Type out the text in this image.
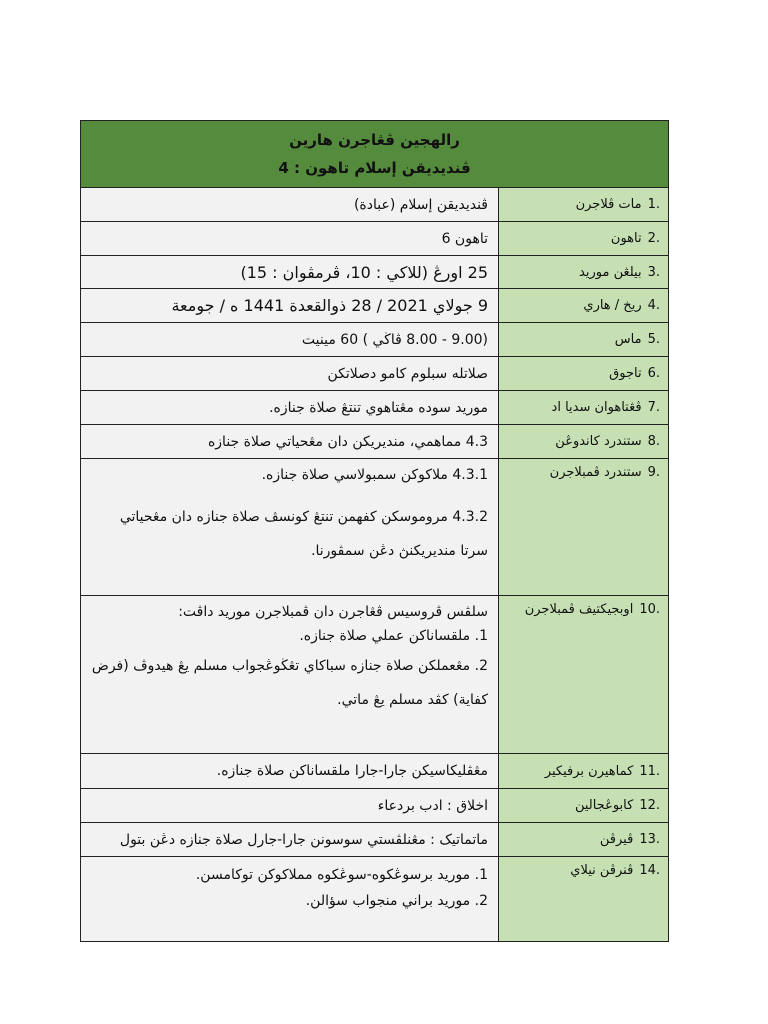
رالهجين ڤڠاجرن هارين
ڤنديديقن إسلام تاهون : 4
1.
مات ڤلاجرن
ڤنديديقن إسلام (عبادة)
2.
تاهون
تاهون 6
3.
بيلڠن موريد
25 اورڠ (للاکي : 10، ڤرمڤوان : 15)
4.
ريخ / هاري
9 جولاي 2021 / 28 ذوالقعدة 1441 ه / جومعة
5.
ماس
(9.00 - 8.00 ڤاڬي ) 60 مينيت
6.
تاجوق
صلاتله سبلوم کامو دصلاتکن
7.
ڤڠتاهوان سديا اد
موريد سوده مڠتاهوي تنتڠ صلاة جنازه.
8.
ستندرد کاندوڠن
4.3 مماهمي، منديريکن دان مڠحياتي صلاة جنازه
9.
ستندرد ڤمبلاجرن

4.3.1 ملاکوکن سمبولاسي صلاة جنازه.

4.3.2 مروموسکن کفهمن تنتڠ کونسڤ صلاة جنازه دان مڠحياتي سرتا منديريکنڽ دڠن سمڤورنا.

10.
اوبجيکتيف ڤمبلاجرن

سلڤس ڤروسيس ڤڠاجرن دان ڤمبلاجرن موريد داڤت:

1. ملقساناکن عملي صلاة جنازه.

2. مڠعملکن صلاة جنازه سباکاي تڠڬوڠجواب مسلم يڠ هيدوڤ (فرض کفاية) کڤد مسلم يڠ ماتي.

11.
کماهيرن برفيکير
مڠڤليکاسيکن جارا-جارا ملقساناکن صلاة جنازه.
12.
کابوڠجالين
اخلاق : ادب بردعاء
13.
ڤيرڤن
ماتماتيک : مڠنلڤستي سوسونن جارا-جارل صلاة جنازه دڠن بتول
14.
ڤنرڤن نيلاي

1. موريد برسوڠکوه-سوڠکوه مملاکوکن توکامسن.

2. موريد براني منجواب سؤالن.
